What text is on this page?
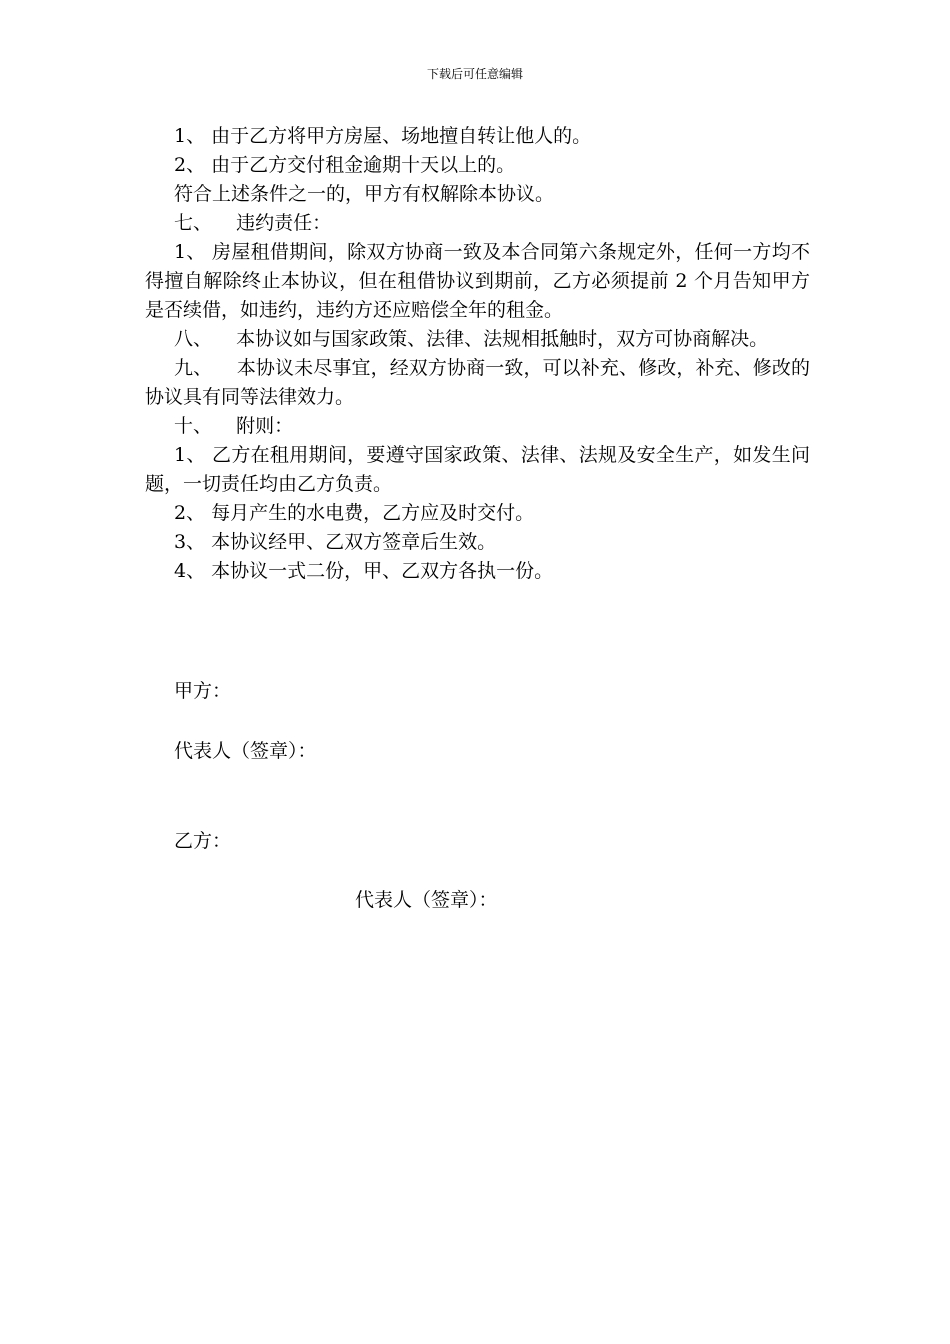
下载后可任意编辑

1、 由于乙方将甲方房屋、场地擅自转让他人的。

2、 由于乙方交付租金逾期十天以上的。

符合上述条件之一的，甲方有权解除本协议。

七、    违约责任：

1、 房屋租借期间，除双方协商一致及本合同第六条规定外，任何一方均不得擅自解除终止本协议，但在租借协议到期前，乙方必须提前 2 个月告知甲方是否续借，如违约，违约方还应赔偿全年的租金。

八、    本协议如与国家政策、法律、法规相抵触时，双方可协商解决。

九、    本协议未尽事宜，经双方协商一致，可以补充、修改，补充、修改的协议具有同等法律效力。

十、    附则：

1、 乙方在租用期间，要遵守国家政策、法律、法规及安全生产，如发生问题，一切责任均由乙方负责。

2、 每月产生的水电费，乙方应及时交付。

3、 本协议经甲、乙双方签章后生效。

4、 本协议一式二份，甲、乙双方各执一份。

甲方：
代表人（签章）：
乙方：
代表人（签章）：
